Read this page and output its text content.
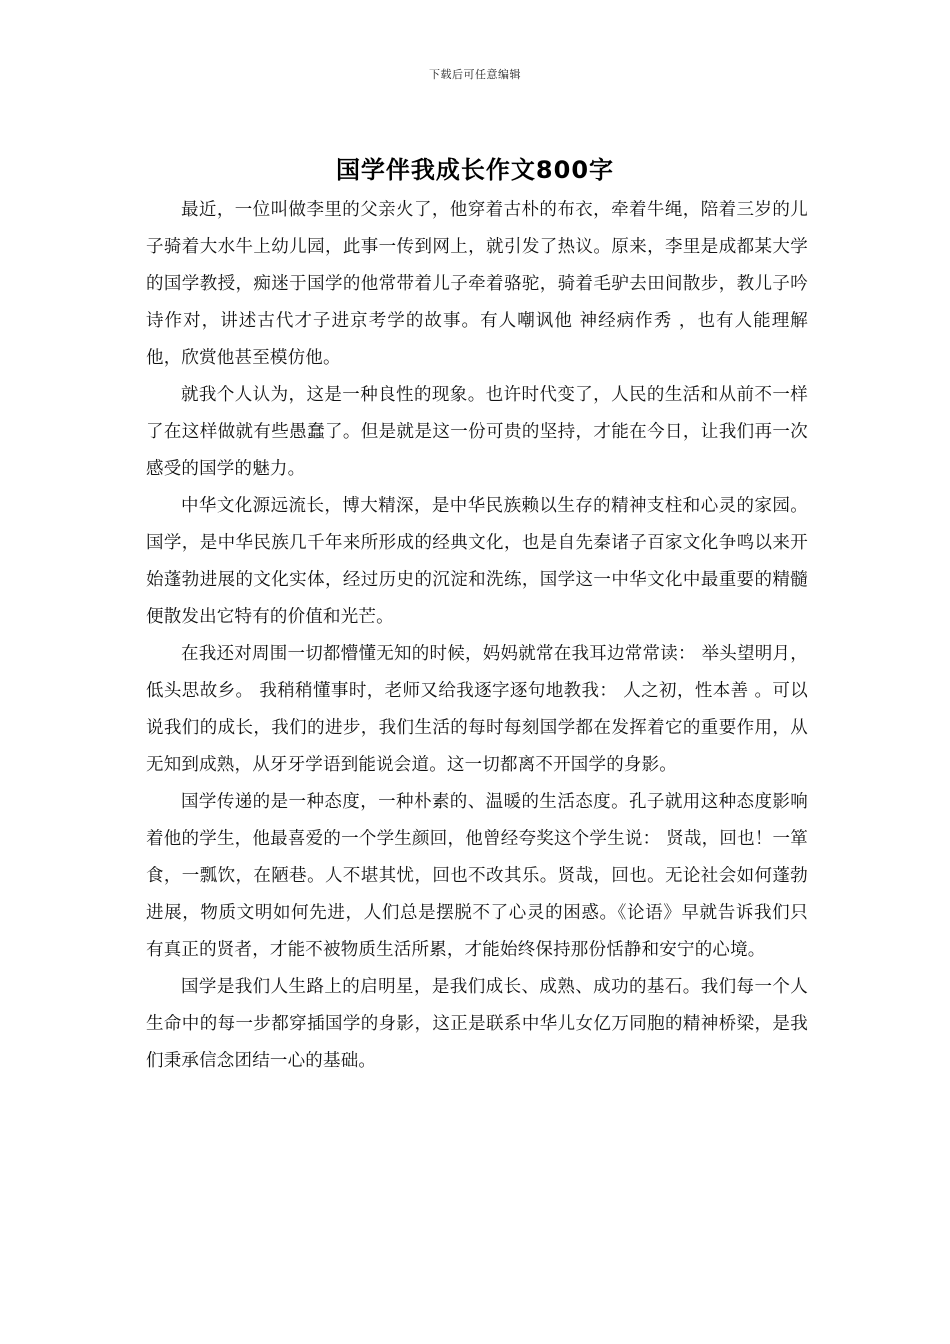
下载后可任意编辑
国学伴我成长作文800字

最近，一位叫做李里的父亲火了，他穿着古朴的布衣，牵着牛绳，陪着三岁的儿子骑着大水牛上幼儿园，此事一传到网上，就引发了热议。原来，李里是成都某大学的国学教授，痴迷于国学的他常带着儿子牵着骆驼，骑着毛驴去田间散步，教儿子吟诗作对，讲述古代才子进京考学的故事。有人嘲讽他 神经病作秀 ，也有人能理解他，欣赏他甚至模仿他。

就我个人认为，这是一种良性的现象。也许时代变了，人民的生活和从前不一样了在这样做就有些愚蠢了。但是就是这一份可贵的坚持，才能在今日，让我们再一次感受的国学的魅力。

中华文化源远流长，博大精深，是中华民族赖以生存的精神支柱和心灵的家园。国学，是中华民族几千年来所形成的经典文化，也是自先秦诸子百家文化争鸣以来开始蓬勃进展的文化实体，经过历史的沉淀和洗练，国学这一中华文化中最重要的精髓便散发出它特有的价值和光芒。

在我还对周围一切都懵懂无知的时候，妈妈就常在我耳边常常读： 举头望明月，低头思故乡。 我稍稍懂事时，老师又给我逐字逐句地教我： 人之初，性本善 。可以说我们的成长，我们的进步，我们生活的每时每刻国学都在发挥着它的重要作用，从无知到成熟，从牙牙学语到能说会道。这一切都离不开国学的身影。

国学传递的是一种态度，一种朴素的、温暖的生活态度。孔子就用这种态度影响着他的学生，他最喜爱的一个学生颜回，他曾经夸奖这个学生说： 贤哉，回也！一箪食，一瓢饮，在陋巷。人不堪其忧，回也不改其乐。贤哉，回也。无论社会如何蓬勃进展，物质文明如何先进，人们总是摆脱不了心灵的困惑。《论语》早就告诉我们只有真正的贤者，才能不被物质生活所累，才能始终保持那份恬静和安宁的心境。

国学是我们人生路上的启明星，是我们成长、成熟、成功的基石。我们每一个人生命中的每一步都穿插国学的身影，这正是联系中华儿女亿万同胞的精神桥梁，是我们秉承信念团结一心的基础。
